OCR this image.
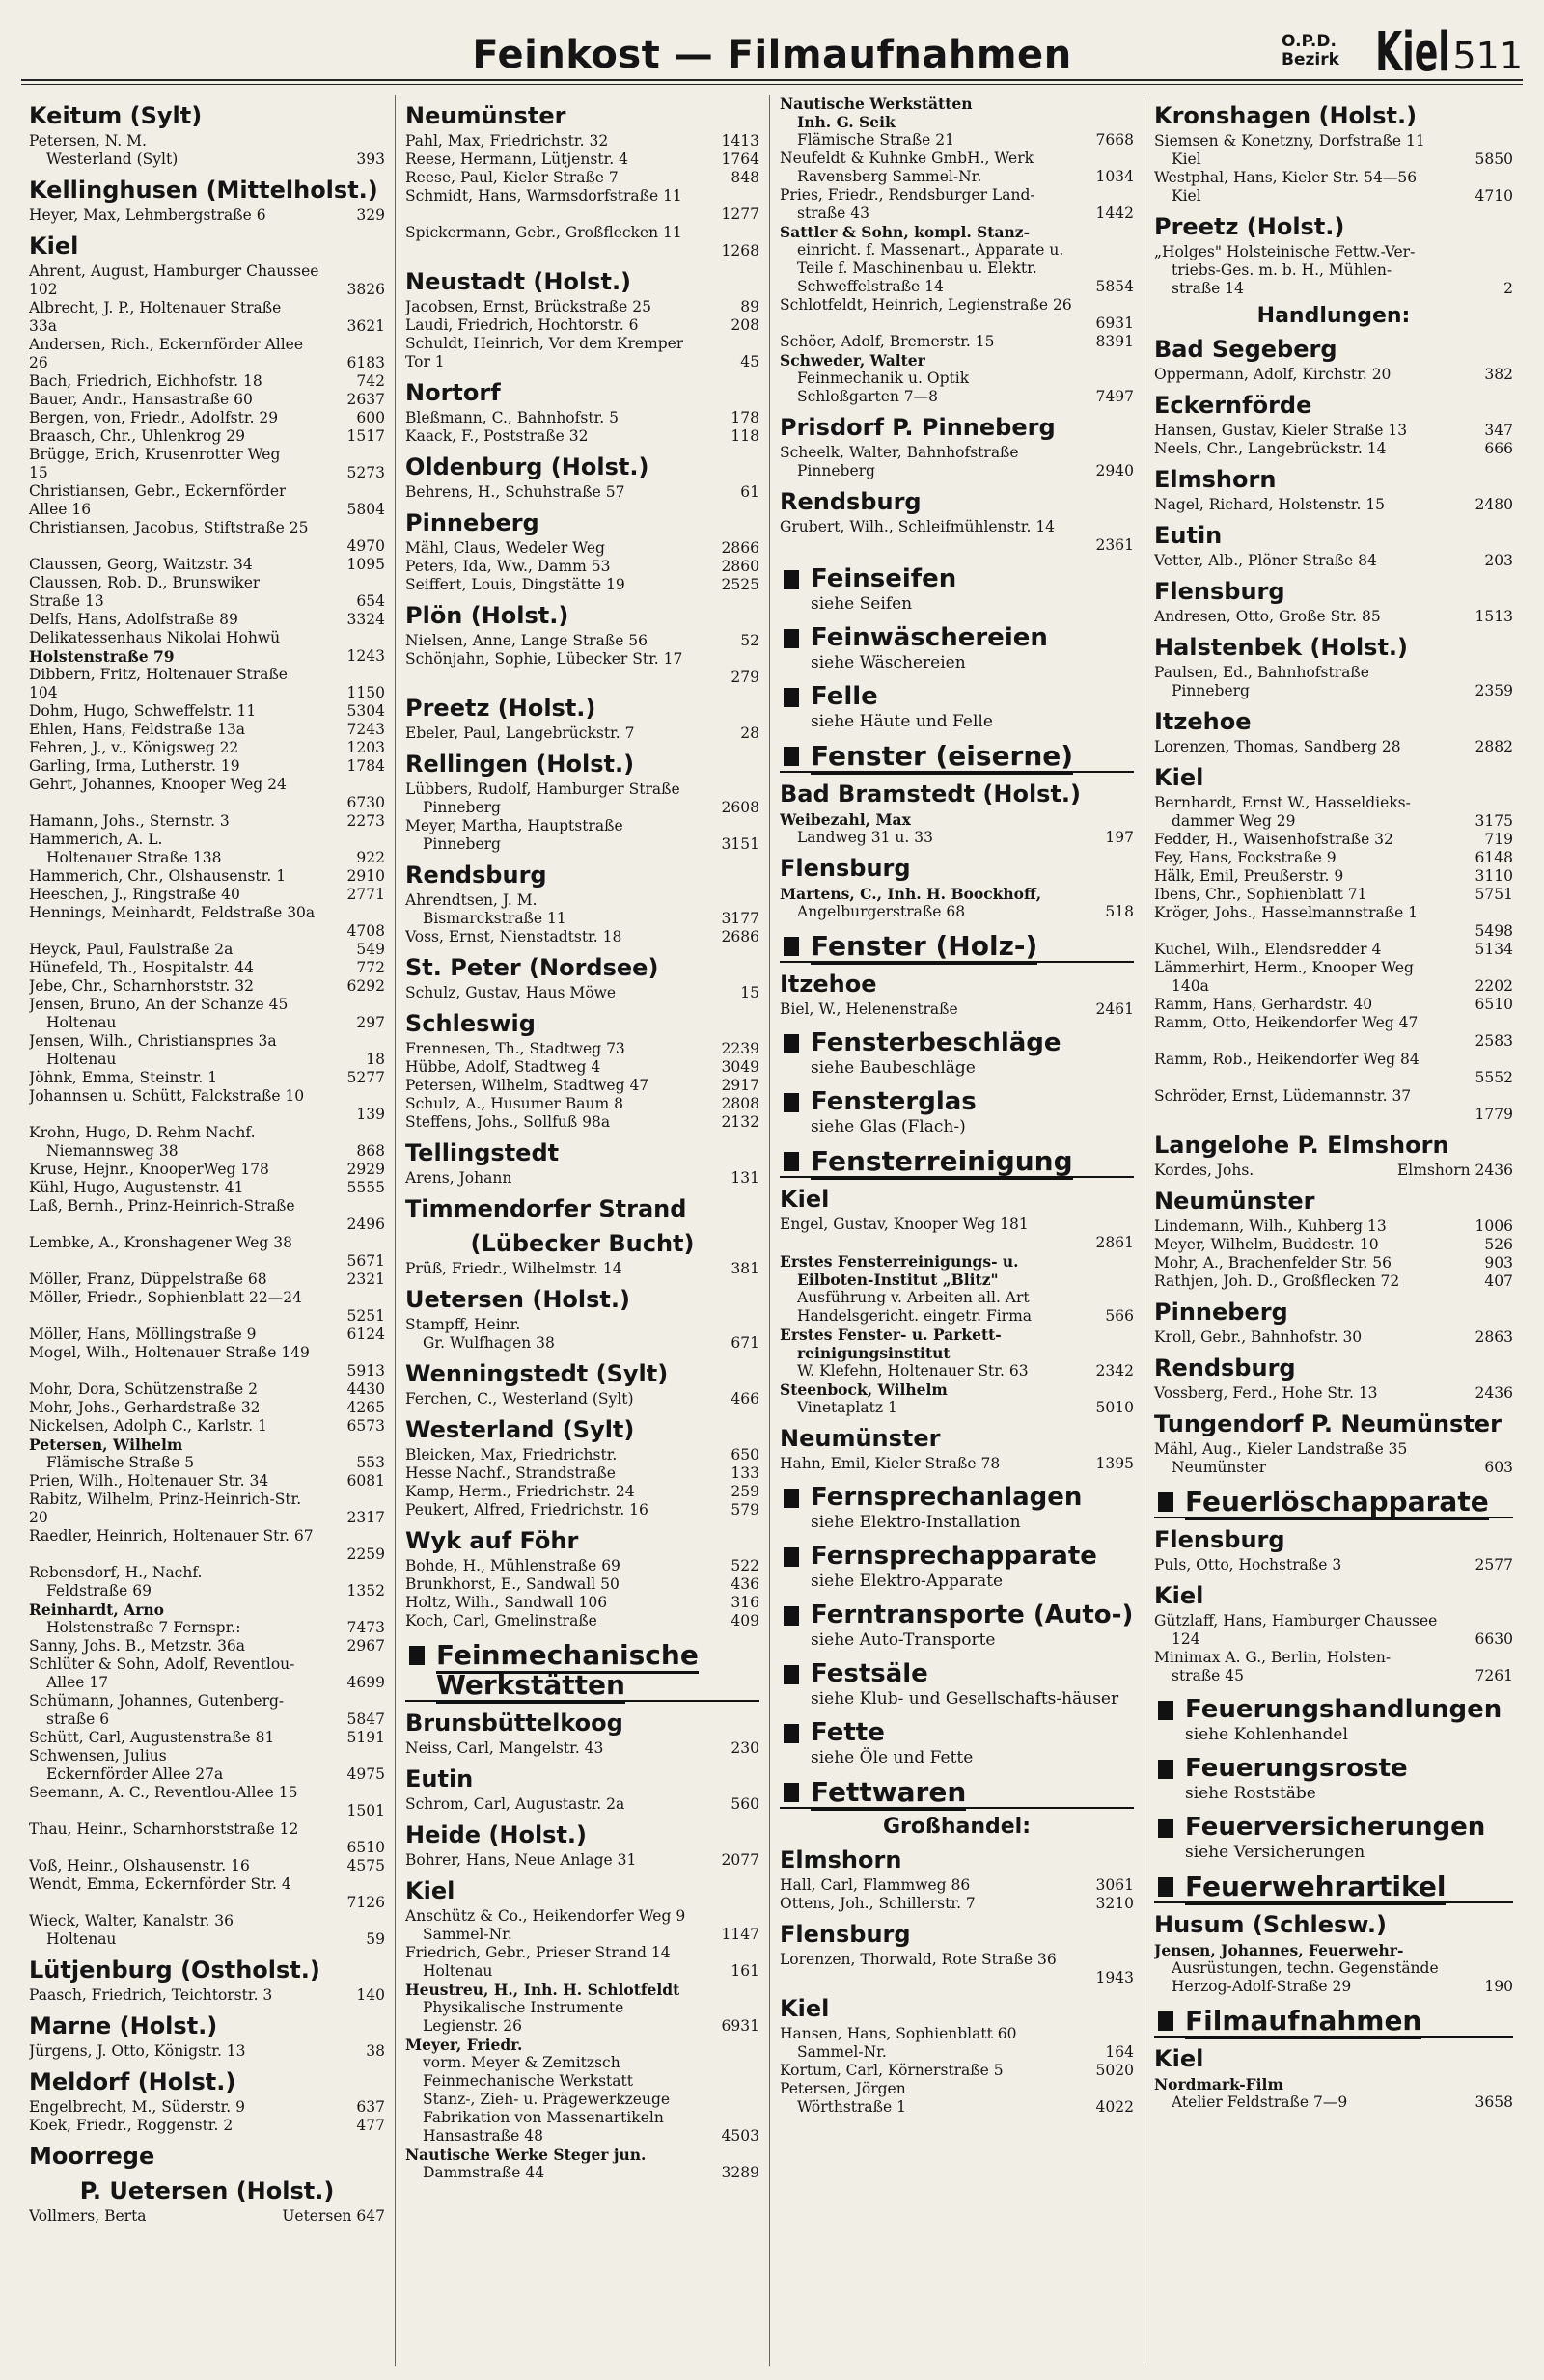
Feinkost — Filmaufnahmen	O.P.D.
Bezirk Kiel 511
Keitum (Sylt)
Petersen, N. M.
Westerland (Sylt)	393
Kellinghusen (Mittelholst.)
Heyer, Max, Lehmbergstraße 6	329
Kiel
Ahrent, August, Hamburger Chaussee
102	3826
Albrecht, J. P., Holtenauer Straße
33a	3621
Andersen, Rich., Eckernförder Allee
26	6183
Bach, Friedrich, Eichhofstr. 18	742
Bauer, Andr., Hansastraße 60	2637
Bergen, von, Friedr., Adolfstr. 29	600
Braasch, Chr., Uhlenkrog 29	1517
Brügge, Erich, Krusenrotter Weg
15	5273
Christiansen, Gebr., Eckernförder
Allee 16	5804
Christiansen, Jacobus, Stiftstraße 25
4970
Claussen, Georg, Waitzstr. 34	1095
Claussen, Rob. D., Brunswiker
Straße 13	654
Delfs, Hans, Adolfstraße 89	3324
Delikatessenhaus Nikolai Hohwü
Holstenstraße 79	1243
Dibbern, Fritz, Holtenauer Straße
104	1150
Dohm, Hugo, Schweffelstr. 11	5304
Ehlen, Hans, Feldstraße 13a	7243
Fehren, J., v., Königsweg 22	1203
Garling, Irma, Lutherstr. 19	1784
Gehrt, Johannes, Knooper Weg 24
6730
Hamann, Johs., Sternstr. 3	2273
Hammerich, A. L.
Holtenauer Straße 138	922
Hammerich, Chr., Olshausenstr. 1	2910
Heeschen, J., Ringstraße 40	2771
Hennings, Meinhardt, Feldstraße 30a
4708
Heyck, Paul, Faulstraße 2a	549
Hünefeld, Th., Hospitalstr. 44	772
Jebe, Chr., Scharnhorststr. 32	6292
Jensen, Bruno, An der Schanze 45
Holtenau	297
Jensen, Wilh., Christiansprıes 3a
Holtenau	18
Jöhnk, Emma, Steinstr. 1	5277
Johannsen u. Schütt, Falckstraße 10
139
Krohn, Hugo, D. Rehm Nachf.
Niemannsweg 38	868
Kruse, Hejnr., KnooperWeg 178	2929
Kühl, Hugo, Augustenstr. 41	5555
Laß, Bernh., Prinz-Heinrich-Straße
2496
Lembke, A., Kronshagener Weg 38
5671
Möller, Franz, Düppelstraße 68	2321
Möller, Friedr., Sophienblatt 22—24
5251
Möller, Hans, Möllingstraße 9	6124
Mogel, Wilh., Holtenauer Straße 149
5913
Mohr, Dora, Schützenstraße 2	4430
Mohr, Johs., Gerhardstraße 32	4265
Nickelsen, Adolph C., Karlstr. 1	6573
Petersen, Wilhelm
Flämische Straße 5	553
Prien, Wilh., Holtenauer Str. 34	6081
Rabitz, Wilhelm, Prinz-Heinrich-Str.
20	2317
Raedler, Heinrich, Holtenauer Str. 67
2259
Rebensdorf, H., Nachf.
Feldstraße 69	1352
Reinhardt, Arno
Holstenstraße 7 Fernspr.:	7473
Sanny, Johs. B., Metzstr. 36a	2967
Schlüter & Sohn, Adolf, Reventlou-
Allee 17	4699
Schümann, Johannes, Gutenberg-
straße 6	5847
Schütt, Carl, Augustenstraße 81	5191
Schwensen, Julius
Eckernförder Allee 27a	4975
Seemann, A. C., Reventlou-Allee 15
1501
Thau, Heinr., Scharnhorststraße 12
6510
Voß, Heinr., Olshausenstr. 16	4575
Wendt, Emma, Eckernförder Str. 4
7126
Wieck, Walter, Kanalstr. 36
Holtenau	59
Lütjenburg (Ostholst.)
Paasch, Friedrich, Teichtorstr. 3	140
Marne (Holst.)
Jürgens, J. Otto, Königstr. 13	38
Meldorf (Holst.)
Engelbrecht, M., Süderstr. 9	637
Koek, Friedr., Roggenstr. 2	477
Moorrege
P. Uetersen (Holst.)
Vollmers, Berta	Uetersen 647
Neumünster
Pahl, Max, Friedrichstr. 32	1413
Reese, Hermann, Lütjenstr. 4	1764
Reese, Paul, Kieler Straße 7	848
Schmidt, Hans, Warmsdorfstraße 11
1277
Spickermann, Gebr., Großflecken 11
1268
Neustadt (Holst.)
Jacobsen, Ernst, Brückstraße 25	89
Laudi, Friedrich, Hochtorstr. 6	208
Schuldt, Heinrich, Vor dem Kremper
Tor 1	45
Nortorf
Bleßmann, C., Bahnhofstr. 5	178
Kaack, F., Poststraße 32	118
Oldenburg (Holst.)
Behrens, H., Schuhstraße 57	61
Pinneberg
Mähl, Claus, Wedeler Weg	2866
Peters, Ida, Ww., Damm 53	2860
Seiffert, Louis, Dingstätte 19	2525
Plön (Holst.)
Nielsen, Anne, Lange Straße 56	52
Schönjahn, Sophie, Lübecker Str. 17
279
Preetz (Holst.)
Ebeler, Paul, Langebrückstr. 7	28
Rellingen (Holst.)
Lübbers, Rudolf, Hamburger Straße
Pinneberg	2608
Meyer, Martha, Hauptstraße
Pinneberg	3151
Rendsburg
Ahrendtsen, J. M.
Bismarckstraße 11	3177
Voss, Ernst, Nienstadtstr. 18	2686
St. Peter (Nordsee)
Schulz, Gustav, Haus Möwe	15
Schleswig
Frennesen, Th., Stadtweg 73	2239
Hübbe, Adolf, Stadtweg 4	3049
Petersen, Wilhelm, Stadtweg 47	2917
Schulz, A., Husumer Baum 8	2808
Steffens, Johs., Sollfuß 98a	2132
Tellingstedt
Arens, Johann	131
Timmendorfer Strand
(Lübecker Bucht)
Prüß, Friedr., Wilhelmstr. 14	381
Uetersen (Holst.)
Stampff, Heinr.
Gr. Wulfhagen 38	671
Wenningstedt (Sylt)
Ferchen, C., Westerland (Sylt)	466
Westerland (Sylt)
Bleicken, Max, Friedrichstr.	650
Hesse Nachf., Strandstraße	133
Kamp, Herm., Friedrichstr. 24	259
Peukert, Alfred, Friedrichstr. 16	579
Wyk auf Föhr
Bohde, H., Mühlenstraße 69	522
Brunkhorst, E., Sandwall 50	436
Holtz, Wilh., Sandwall 106	316
Koch, Carl, Gmelinstraße	409
Feinmechanische Werkstätten
Brunsbüttelkoog
Neiss, Carl, Mangelstr. 43	230
Eutin
Schrom, Carl, Augustastr. 2a	560
Heide (Holst.)
Bohrer, Hans, Neue Anlage 31	2077
Kiel
Anschütz & Co., Heikendorfer Weg 9
Sammel-Nr.	1147
Friedrich, Gebr., Prieser Strand 14
Holtenau	161
Heustreu, H., Inh. H. Schlotfeldt
Physikalische Instrumente
Legienstr. 26	6931
Meyer, Friedr.
vorm. Meyer & Zemitzsch
Feinmechanische Werkstatt
Stanz-, Zieh- u. Prägewerkzeuge
Fabrikation von Massenartikeln
Hansastraße 48	4503
Nautische Werke Steger jun.
Dammstraße 44	3289
Nautische Werkstätten
Inh. G. Seik
Flämische Straße 21	7668
Neufeldt & Kuhnke GmbH., Werk
Ravensberg Sammel-Nr.	1034
Pries, Friedr., Rendsburger Land-
straße 43	1442
Sattler & Sohn, kompl. Stanz-
einricht. f. Massenart., Apparate u.
Teile f. Maschinenbau u. Elektr.
Schweffelstraße 14	5854
Schlotfeldt, Heinrich, Legienstraße 26
6931
Schöer, Adolf, Bremerstr. 15	8391
Schweder, Walter
Feinmechanik u. Optik
Schloßgarten 7—8	7497
Prisdorf P. Pinneberg
Scheelk, Walter, Bahnhofstraße
Pinneberg	2940
Rendsburg
Grubert, Wilh., Schleifmühlenstr. 14
2361
Feinseifen
siehe Seifen
Feinwäschereien
siehe Wäschereien
Felle
siehe Häute und Felle
Fenster (eiserne)
Bad Bramstedt (Holst.)
Weibezahl, Max
Landweg 31 u. 33	197
Flensburg
Martens, C., Inh. H. Boockhoff,
Angelburgerstraße 68	518
Fenster (Holz-)
Itzehoe
Biel, W., Helenenstraße	2461
Fensterbeschläge
siehe Baubeschläge
Fensterglas
siehe Glas (Flach-)
Fensterreinigung
Kiel
Engel, Gustav, Knooper Weg 181
2861
Erstes Fensterreinigungs- u.
Eilboten-Institut „Blitz"
Ausführung v. Arbeiten all. Art
Handelsgericht. eingetr. Firma	566
Erstes Fenster- u. Parkett-
reinigungsinstitut
W. Klefehn, Holtenauer Str. 63	2342
Steenbock, Wilhelm
Vinetaplatz 1	5010
Neumünster
Hahn, Emil, Kieler Straße 78	1395
Fernsprechanlagen
siehe Elektro-Installation
Fernsprechapparate
siehe Elektro-Apparate
Ferntransporte (Auto-)
siehe Auto-Transporte
Festsäle
siehe Klub- und Gesellschafts-häuser
Fette
siehe Öle und Fette
Fettwaren
Großhandel:
Elmshorn
Hall, Carl, Flammweg 86	3061
Ottens, Joh., Schillerstr. 7	3210
Flensburg
Lorenzen, Thorwald, Rote Straße 36
1943
Kiel
Hansen, Hans, Sophienblatt 60
Sammel-Nr.	164
Kortum, Carl, Körnerstraße 5	5020
Petersen, Jörgen
Wörthstraße 1	4022
Kronshagen (Holst.)
Siemsen & Konetzny, Dorfstraße 11
Kiel	5850
Westphal, Hans, Kieler Str. 54—56
Kiel	4710
Preetz (Holst.)
„Holges" Holsteinische Fettw.-Ver-
triebs-Ges. m. b. H., Mühlen-
straße 14	2
Handlungen:
Bad Segeberg
Oppermann, Adolf, Kirchstr. 20	382
Eckernförde
Hansen, Gustav, Kieler Straße 13	347
Neels, Chr., Langebrückstr. 14	666
Elmshorn
Nagel, Richard, Holstenstr. 15	2480
Eutin
Vetter, Alb., Plöner Straße 84	203
Flensburg
Andresen, Otto, Große Str. 85	1513
Halstenbek (Holst.)
Paulsen, Ed., Bahnhofstraße
Pinneberg	2359
Itzehoe
Lorenzen, Thomas, Sandberg 28	2882
Kiel
Bernhardt, Ernst W., Hasseldieks-
dammer Weg 29	3175
Fedder, H., Waisenhofstraße 32	719
Fey, Hans, Fockstraße 9	6148
Hälk, Emil, Preußerstr. 9	3110
Ibens, Chr., Sophienblatt 71	5751
Kröger, Johs., Hasselmannstraße 1
5498
Kuchel, Wilh., Elendsredder 4	5134
Lämmerhirt, Herm., Knooper Weg
140a	2202
Ramm, Hans, Gerhardstr. 40	6510
Ramm, Otto, Heikendorfer Weg 47
2583
Ramm, Rob., Heikendorfer Weg 84
5552
Schröder, Ernst, Lüdemannstr. 37
1779
Langelohe P. Elmshorn
Kordes, Johs.	Elmshorn 2436
Neumünster
Lindemann, Wilh., Kuhberg 13	1006
Meyer, Wilhelm, Buddestr. 10	526
Mohr, A., Brachenfelder Str. 56	903
Rathjen, Joh. D., Großflecken 72	407
Pinneberg
Kroll, Gebr., Bahnhofstr. 30	2863
Rendsburg
Vossberg, Ferd., Hohe Str. 13	2436
Tungendorf P. Neumünster
Mähl, Aug., Kieler Landstraße 35
Neumünster	603
Feuerlöschapparate
Flensburg
Puls, Otto, Hochstraße 3	2577
Kiel
Gützlaff, Hans, Hamburger Chaussee
124	6630
Minimax A. G., Berlin, Holsten-
straße 45	7261
Feuerungshandlungen
siehe Kohlenhandel
Feuerungsroste
siehe Roststäbe
Feuerversicherungen
siehe Versicherungen
Feuerwehrartikel
Husum (Schlesw.)
Jensen, Johannes, Feuerwehr-
Ausrüstungen, techn. Gegenstände
Herzog-Adolf-Straße 29	190
Filmaufnahmen
Kiel
Nordmark-Film
Atelier Feldstraße 7—9	3658
